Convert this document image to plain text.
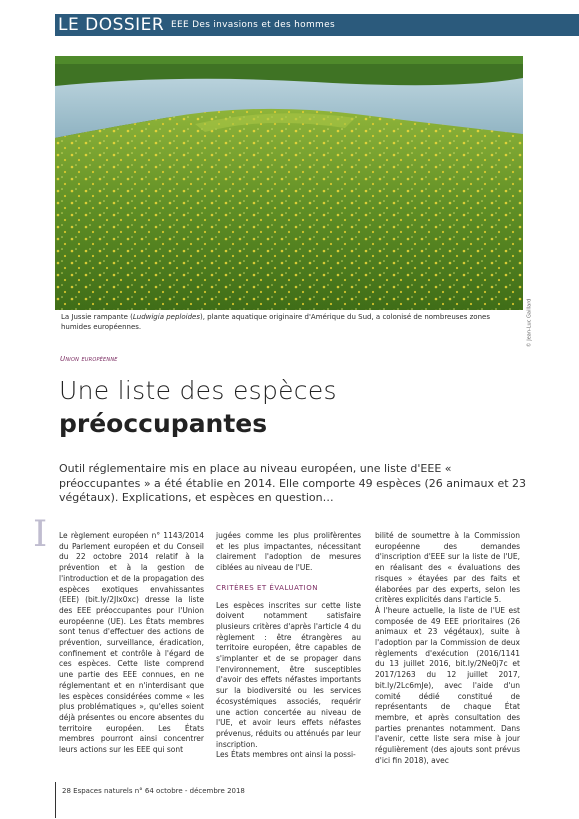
LE DOSSIER EEE Des invasions et des hommes
La Jussie rampante (Ludwigia peploides), plante aquatique originaire d'Amérique du Sud, a colonisé de nombreuses zones humides européennes.	© Jean-Luc Gaillard
Union européenne
Une liste des espèces
préoccupantes
Outil réglementaire mis en place au niveau européen, une liste d'EEE « préoccupantes » a été établie en 2014. Elle comporte 49 espèces (26 animaux et 23 végétaux). Explications, et espèces en question…
I Le règlement européen n° 1143/2014 du Parlement européen et du Conseil du 22 octobre 2014 relatif à la prévention et à la gestion de l'introduction et de la propagation des espèces exotiques envahissantes (EEE) (bit.ly/2Jlx0xc) dresse la liste des EEE préoccupantes pour l'Union européenne (UE). Les États membres sont tenus d'effectuer des actions de prévention, surveillance, éradication, confinement et contrôle à l'égard de ces espèces. Cette liste comprend une partie des EEE connues, en ne réglementant et en n'interdisant que les espèces considérées comme « les plus problématiques », qu'elles soient déjà présentes ou encore absentes du territoire européen. Les États membres pourront ainsi concentrer leurs actions sur les EEE qui sont

jugées comme les plus prolifèrentes et les plus impactantes, nécessitant clairement l'adoption de mesures ciblées au niveau de l'UE.

CRITÈRES ET ÉVALUATION

Les espèces inscrites sur cette liste doivent notamment satisfaire plusieurs critères d'après l'article 4 du règlement : être étrangères au territoire européen, être capables de s'implanter et de se propager dans l'environnement, être susceptibles d'avoir des effets néfastes importants sur la biodiversité ou les services écosystémiques associés, requérir une action concertée au niveau de l'UE, et avoir leurs effets néfastes prévenus, réduits ou atténués par leur inscription.

Les États membres ont ainsi la possi-

bilité de soumettre à la Commission européenne des demandes d'inscription d'EEE sur la liste de l'UE, en réalisant des « évaluations des risques » étayées par des faits et élaborées par des experts, selon les critères explicités dans l'article 5.

À l'heure actuelle, la liste de l'UE est composée de 49 EEE prioritaires (26 animaux et 23 végétaux), suite à l'adoption par la Commission de deux règlements d'exécution (2016/1141 du 13 juillet 2016, bit.ly/2Ne0j7c et 2017/1263 du 12 juillet 2017, bit.ly/2Lc6mJe), avec l'aide d'un comité dédié constitué de représentants de chaque État membre, et après consultation des parties prenantes notamment. Dans l'avenir, cette liste sera mise à jour régulièrement (des ajouts sont prévus d'ici fin 2018), avec

28 Espaces naturels n° 64 octobre - décembre 2018
